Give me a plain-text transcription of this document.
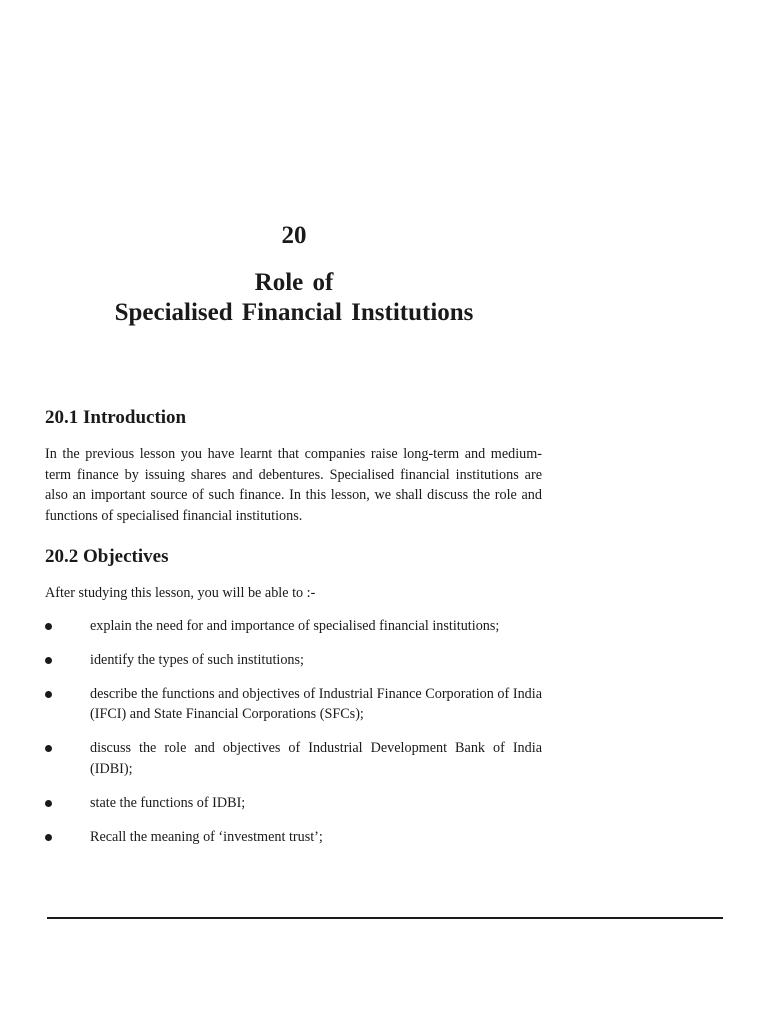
20
Role of
Specialised Financial Institutions
20.1 Introduction

In the previous lesson you have learnt that companies raise long-term and medium-term finance by issuing shares and debentures. Specialised financial institutions are also an important source of such finance. In this lesson, we shall discuss the role and functions of specialised financial institutions.

20.2 Objectives

After studying this lesson, you will be able to :-

explain the need for and importance of specialised financial institutions;
identify the types of such institutions;
describe the functions and objectives of Industrial Finance Corporation of India (IFCI) and State Financial Corporations (SFCs);
discuss the role and objectives of Industrial Development Bank of India (IDBI);
state the functions of IDBI;
Recall the meaning of ‘investment trust’;
